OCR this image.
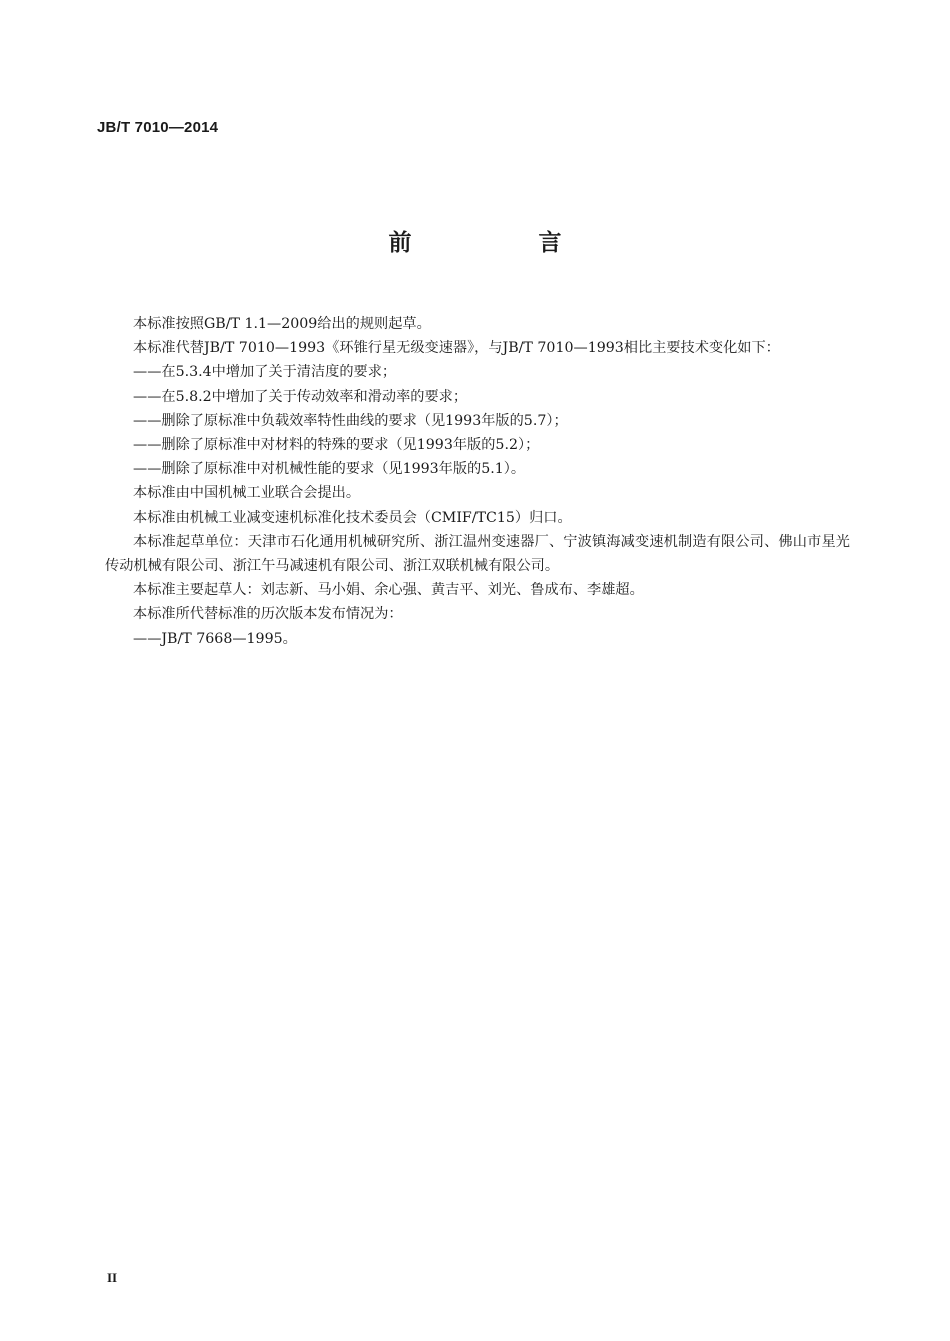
JB/T 7010—2014
前　言

本标准按照GB/T 1.1—2009给出的规则起草。

本标准代替JB/T 7010—1993《环锥行星无级变速器》，与JB/T 7010—1993相比主要技术变化如下：

——在5.3.4中增加了关于清洁度的要求；

——在5.8.2中增加了关于传动效率和滑动率的要求；

——删除了原标准中负载效率特性曲线的要求（见1993年版的5.7）；

——删除了原标准中对材料的特殊的要求（见1993年版的5.2）；

——删除了原标准中对机械性能的要求（见1993年版的5.1）。

本标准由中国机械工业联合会提出。

本标准由机械工业减变速机标准化技术委员会（CMIF/TC15）归口。

本标准起草单位：天津市石化通用机械研究所、浙江温州变速器厂、宁波镇海减变速机制造有限公司、佛山市星光传动机械有限公司、浙江午马减速机有限公司、浙江双联机械有限公司。

本标准主要起草人：刘志新、马小娟、余心强、黄吉平、刘光、鲁成布、李雄超。

本标准所代替标准的历次版本发布情况为：

——JB/T 7668—1995。

II
